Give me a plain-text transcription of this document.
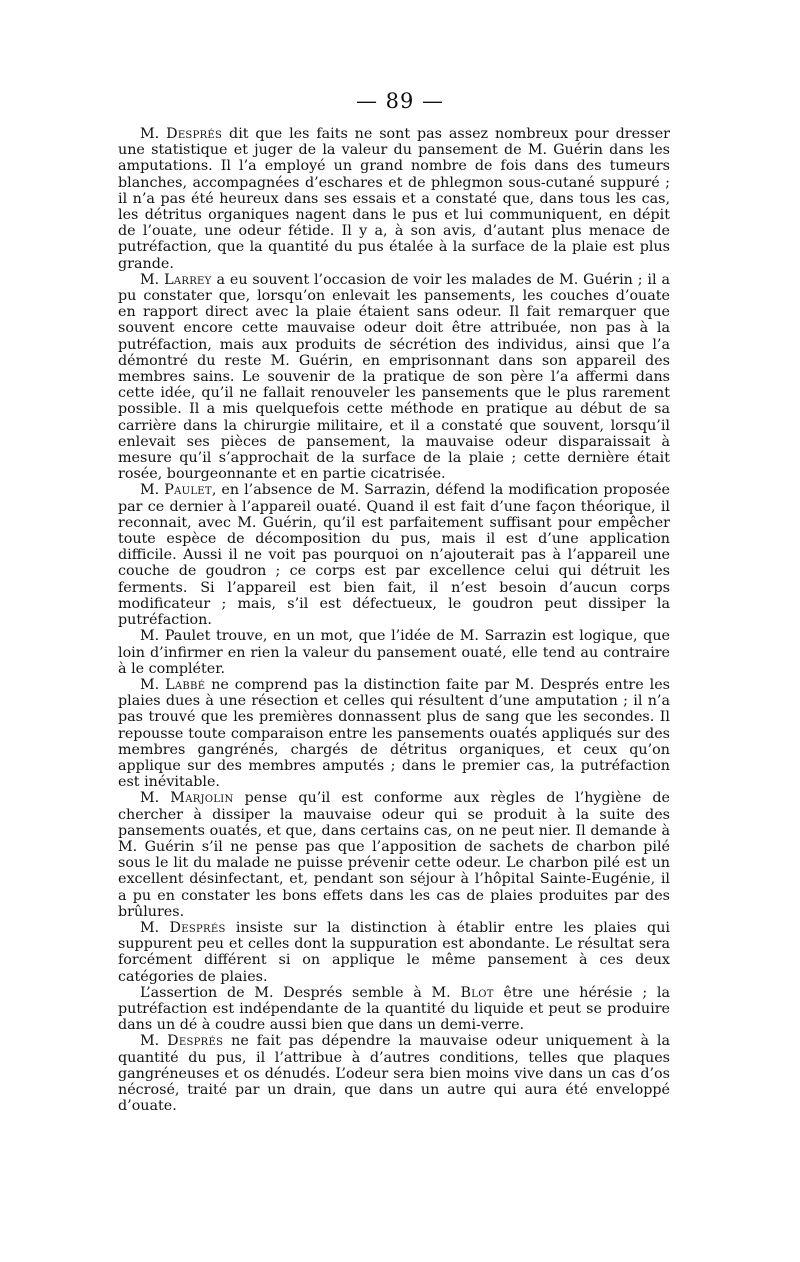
— 89 —

M. Després dit que les faits ne sont pas assez nombreux pour dresser une statistique et juger de la valeur du pansement de M. Guérin dans les amputations. Il l’a employé un grand nombre de fois dans des tumeurs blanches, accompagnées d’eschares et de phlegmon sous-cutané suppuré ; il n’a pas été heureux dans ses essais et a constaté que, dans tous les cas, les détritus organiques nagent dans le pus et lui communiquent, en dépit de l’ouate, une odeur fétide. Il y a, à son avis, d’autant plus menace de putréfaction, que la quantité du pus étalée à la surface de la plaie est plus grande.

M. Larrey a eu souvent l’occasion de voir les malades de M. Guérin ; il a pu constater que, lorsqu’on enlevait les pansements, les couches d’ouate en rapport direct avec la plaie étaient sans odeur. Il fait remarquer que souvent encore cette mauvaise odeur doit être attribuée, non pas à la putréfaction, mais aux produits de sécrétion des individus, ainsi que l’a démontré du reste M. Guérin, en emprisonnant dans son appareil des membres sains. Le souvenir de la pratique de son père l’a affermi dans cette idée, qu’il ne fallait renouveler les pansements que le plus rarement possible. Il a mis quelquefois cette méthode en pratique au début de sa carrière dans la chirurgie militaire, et il a constaté que souvent, lorsqu’il enlevait ses pièces de pansement, la mauvaise odeur disparaissait à mesure qu’il s’approchait de la surface de la plaie ; cette dernière était rosée, bourgeonnante et en partie cicatrisée.

M. Paulet, en l’absence de M. Sarrazin, défend la modification proposée par ce dernier à l’appareil ouaté. Quand il est fait d’une façon théorique, il reconnait, avec M. Guérin, qu’il est parfaitement suffisant pour empêcher toute espèce de décomposition du pus, mais il est d’une application difficile. Aussi il ne voit pas pourquoi on n’ajouterait pas à l’appareil une couche de goudron ; ce corps est par excellence celui qui détruit les ferments. Si l’appareil est bien fait, il n’est besoin d’aucun corps modificateur ; mais, s’il est défectueux, le goudron peut dissiper la putréfaction.

M. Paulet trouve, en un mot, que l’idée de M. Sarrazin est logique, que loin d’infirmer en rien la valeur du pansement ouaté, elle tend au contraire à le compléter.

M. Labbé ne comprend pas la distinction faite par M. Després entre les plaies dues à une résection et celles qui résultent d’une amputation ; il n’a pas trouvé que les premières donnassent plus de sang que les secondes. Il repousse toute comparaison entre les pansements ouatés appliqués sur des membres gangrénés, chargés de détritus organiques, et ceux qu’on applique sur des membres amputés ; dans le premier cas, la putréfaction est inévitable.

M. Marjolin pense qu’il est conforme aux règles de l’hygiène de chercher à dissiper la mauvaise odeur qui se produit à la suite des pansements ouatés, et que, dans certains cas, on ne peut nier. Il demande à M. Guérin s’il ne pense pas que l’apposition de sachets de charbon pilé sous le lit du malade ne puisse prévenir cette odeur. Le charbon pilé est un excellent désinfectant, et, pendant son séjour à l’hôpital Sainte-Eugénie, il a pu en constater les bons effets dans les cas de plaies produites par des brûlures.

M. Després insiste sur la distinction à établir entre les plaies qui suppurent peu et celles dont la suppuration est abondante. Le résultat sera forcément différent si on applique le même pansement à ces deux catégories de plaies.

L’assertion de M. Després semble à M. Blot être une hérésie ; la putréfaction est indépendante de la quantité du liquide et peut se produire dans un dé à coudre aussi bien que dans un demi-verre.

M. Després ne fait pas dépendre la mauvaise odeur uniquement à la quantité du pus, il l’attribue à d’autres conditions, telles que plaques gangréneuses et os dénudés. L’odeur sera bien moins vive dans un cas d’os nécrosé, traité par un drain, que dans un autre qui aura été enveloppé d’ouate.
